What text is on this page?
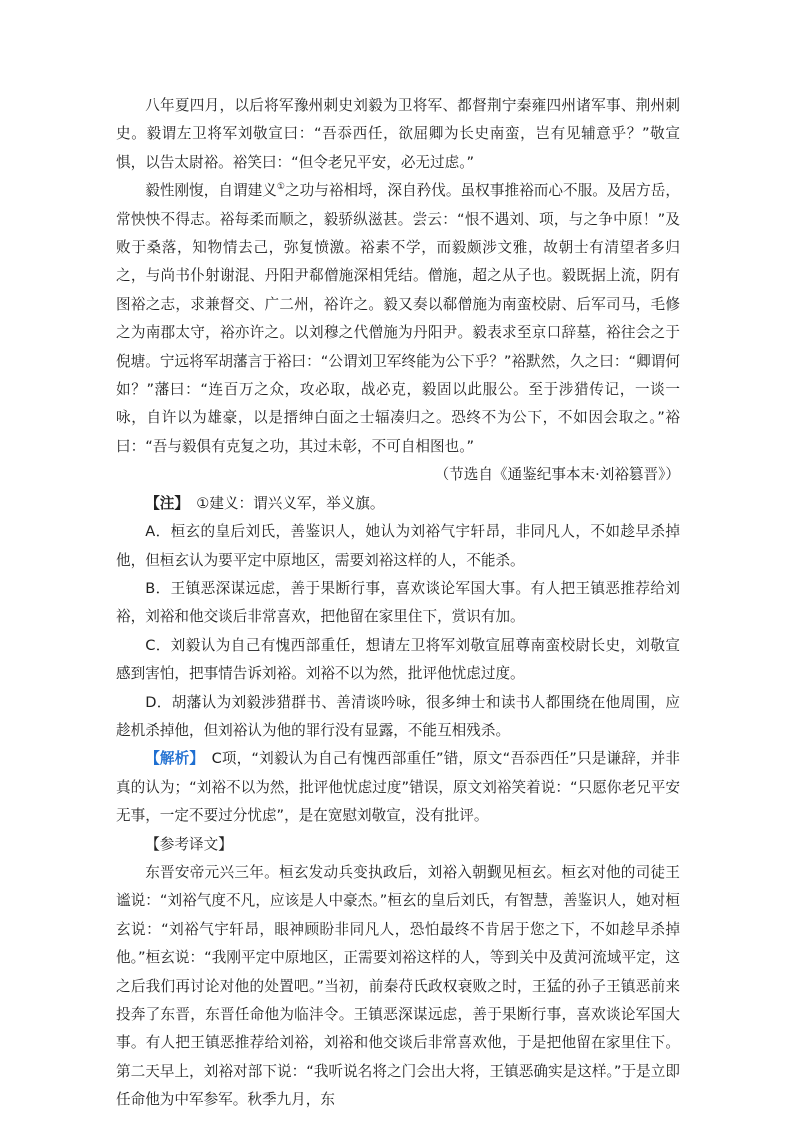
八年夏四月，以后将军豫州刺史刘毅为卫将军、都督荆宁秦雍四州诸军事、荆州刺史。毅谓左卫将军刘敬宣曰：“吾忝西任，欲屈卿为长史南蛮，岂有见辅意乎？”敬宣惧，以告太尉裕。裕笑曰：“但令老兄平安，必无过虑。”

毅性刚愎，自谓建义①之功与裕相埒，深自矜伐。虽权事推裕而心不服。及居方岳，常怏怏不得志。裕每柔而顺之，毅骄纵滋甚。尝云：“恨不遇刘、项，与之争中原！”及败于桑落，知物情去己，弥复愤激。裕素不学，而毅颇涉文雅，故朝士有清望者多归之，与尚书仆射谢混、丹阳尹郗僧施深相凭结。僧施，超之从子也。毅既据上流，阴有图裕之志，求兼督交、广二州，裕许之。毅又奏以郗僧施为南蛮校尉、后军司马，毛修之为南郡太守，裕亦许之。以刘穆之代僧施为丹阳尹。毅表求至京口辞墓，裕往会之于倪塘。宁远将军胡藩言于裕曰：“公谓刘卫军终能为公下乎？”裕默然，久之曰：“卿谓何如？”藩曰：“连百万之众，攻必取，战必克，毅固以此服公。至于涉猎传记，一谈一咏，自许以为雄豪，以是搢绅白面之士辐凑归之。恐终不为公下，不如因会取之。”裕曰：“吾与毅俱有克复之功，其过未彰，不可自相图也。”

（节选自《通鉴纪事本末·刘裕篡晋》）

【注】　 ①建义：谓兴义军，举义旗。

A．桓玄的皇后刘氏，善鉴识人，她认为刘裕气宇轩昂，非同凡人，不如趁早杀掉他，但桓玄认为要平定中原地区，需要刘裕这样的人，不能杀。

B．王镇恶深谋远虑，善于果断行事，喜欢谈论军国大事。有人把王镇恶推荐给刘裕，刘裕和他交谈后非常喜欢，把他留在家里住下，赏识有加。

C．刘毅认为自己有愧西部重任，想请左卫将军刘敬宣屈尊南蛮校尉长史，刘敬宣感到害怕，把事情告诉刘裕。刘裕不以为然，批评他忧虑过度。

D．胡藩认为刘毅涉猎群书、善清谈吟咏，很多绅士和读书人都围绕在他周围，应趁机杀掉他，但刘裕认为他的罪行没有显露，不能互相残杀。

【解析】　C项，“刘毅认为自己有愧西部重任”错，原文“吾忝西任”只是谦辞，并非真的认为；“刘裕不以为然，批评他忧虑过度”错误，原文刘裕笑着说：“只愿你老兄平安无事，一定不要过分忧虑”，是在宽慰刘敬宣，没有批评。

【参考译文】

东晋安帝元兴三年。桓玄发动兵变执政后，刘裕入朝觐见桓玄。桓玄对他的司徒王谧说：“刘裕气度不凡，应该是人中豪杰。”桓玄的皇后刘氏，有智慧，善鉴识人，她对桓玄说：“刘裕气宇轩昂，眼神顾盼非同凡人，恐怕最终不肯居于您之下，不如趁早杀掉他。”桓玄说：“我刚平定中原地区，正需要刘裕这样的人，等到关中及黄河流域平定，这之后我们再讨论对他的处置吧。”当初，前秦苻氏政权衰败之时，王猛的孙子王镇恶前来投奔了东晋，东晋任命他为临沣令。王镇恶深谋远虑，善于果断行事，喜欢谈论军国大事。有人把王镇恶推荐给刘裕，刘裕和他交谈后非常喜欢他，于是把他留在家里住下。第二天早上，刘裕对部下说：“我听说名将之门会出大将，王镇恶确实是这样。”于是立即任命他为中军参军。秋季九月，东
